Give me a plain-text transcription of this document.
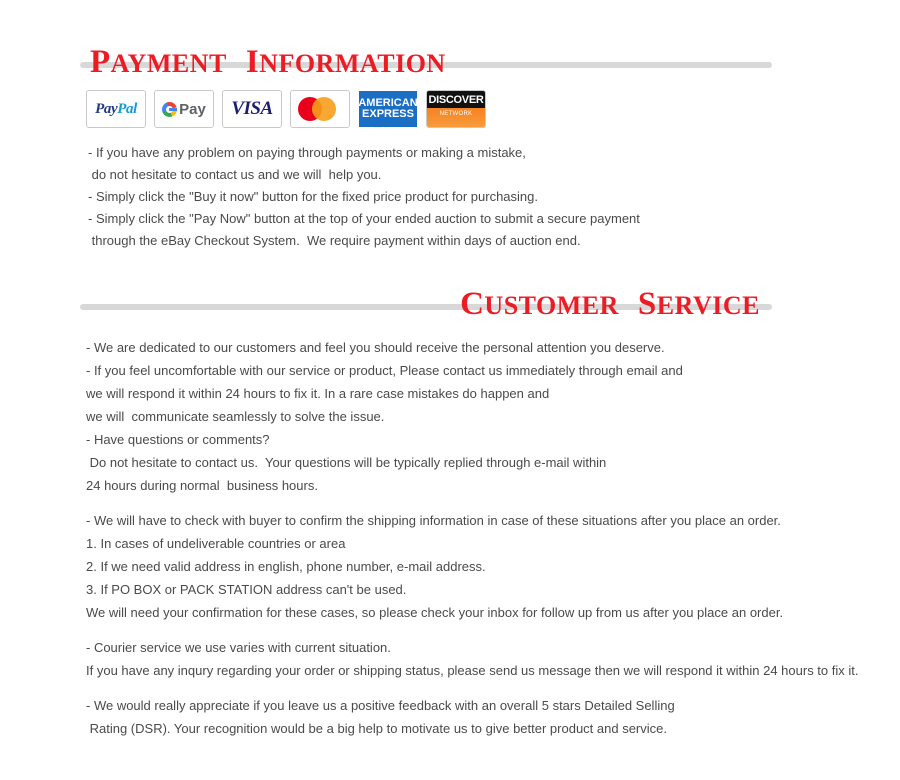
PAYMENT INFORMATION
PayPal	Pay VISA	AMERICAN
EXPRESS
DISCOVER
NETWORK

- If you have any problem on paying through payments or making a mistake,

do not hesitate to contact us and we will  help you.

- Simply click the "Buy it now" button for the fixed price product for purchasing.

- Simply click the "Pay Now" button at the top of your ended auction to submit a secure payment

through the eBay Checkout System.  We require payment within days of auction end.

CUSTOMER SERVICE

- We are dedicated to our customers and feel you should receive the personal attention you deserve.

- If you feel uncomfortable with our service or product, Please contact us immediately through email and

we will respond it within 24 hours to fix it. In a rare case mistakes do happen and

we will  communicate seamlessly to solve the issue.

- Have questions or comments?

Do not hesitate to contact us.  Your questions will be typically replied through e-mail within

24 hours during normal  business hours.

- We will have to check with buyer to confirm the shipping information in case of these situations after you place an order.

1. In cases of undeliverable countries or area

2. If we need valid address in english, phone number, e-mail address.

3. If PO BOX or PACK STATION address can't be used.

We will need your confirmation for these cases, so please check your inbox for follow up from us after you place an order.

- Courier service we use varies with current situation.

If you have any inqury regarding your order or shipping status, please send us message then we will respond it within 24 hours to fix it.

- We would really appreciate if you leave us a positive feedback with an overall 5 stars Detailed Selling

Rating (DSR). Your recognition would be a big help to motivate us to give better product and service.
